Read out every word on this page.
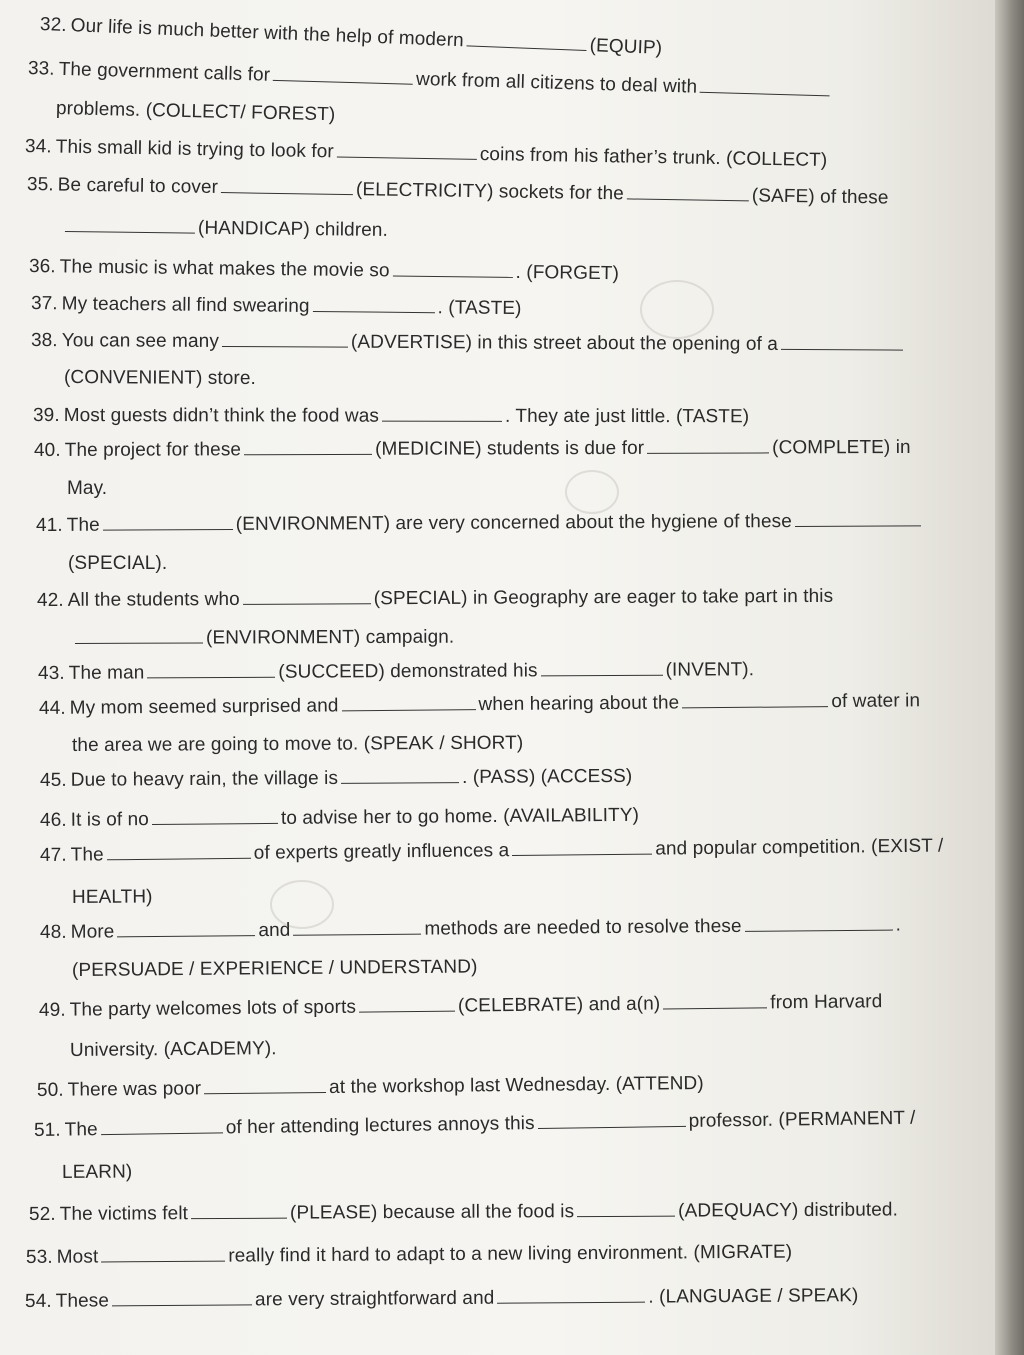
32. Our life is much better with the help of modern	(EQUIP)
33. The government calls for	work from all citizens to deal with
problems. (COLLECT/ FOREST)
34. This small kid is trying to look for	coins from his father’s trunk. (COLLECT)
35. Be careful to cover	(ELECTRICITY) sockets for the	(SAFE) of these
(HANDICAP) children.
36. The music is what makes the movie so	. (FORGET)
37. My teachers all find swearing	. (TASTE)
38. You can see many	(ADVERTISE) in this street about the opening of a
(CONVENIENT) store.
39. Most guests didn’t think the food was	. They ate just little. (TASTE)
40. The project for these	(MEDICINE) students is due for	(COMPLETE) in
May.
41. The	(ENVIRONMENT) are very concerned about the hygiene of these
(SPECIAL).
42. All the students who	(SPECIAL) in Geography are eager to take part in this
(ENVIRONMENT) campaign.
43. The man	(SUCCEED) demonstrated his	(INVENT).
44. My mom seemed surprised and	when hearing about the	of water in
the area we are going to move to. (SPEAK / SHORT)
45. Due to heavy rain, the village is	. (PASS) (ACCESS)
46. It is of no	to advise her to go home. (AVAILABILITY)
47. The	of experts greatly influences a	and popular competition. (EXIST /
HEALTH)
48. More	and	methods are needed to resolve these	.
(PERSUADE / EXPERIENCE / UNDERSTAND)
49. The party welcomes lots of sports	(CELEBRATE) and a(n)	from Harvard
University. (ACADEMY).
50. There was poor	at the workshop last Wednesday. (ATTEND)
51. The	of her attending lectures annoys this	professor. (PERMANENT /
LEARN)
52. The victims felt	(PLEASE) because all the food is	(ADEQUACY) distributed.
53. Most	really find it hard to adapt to a new living environment. (MIGRATE)
54. These	are very straightforward and	. (LANGUAGE / SPEAK)
